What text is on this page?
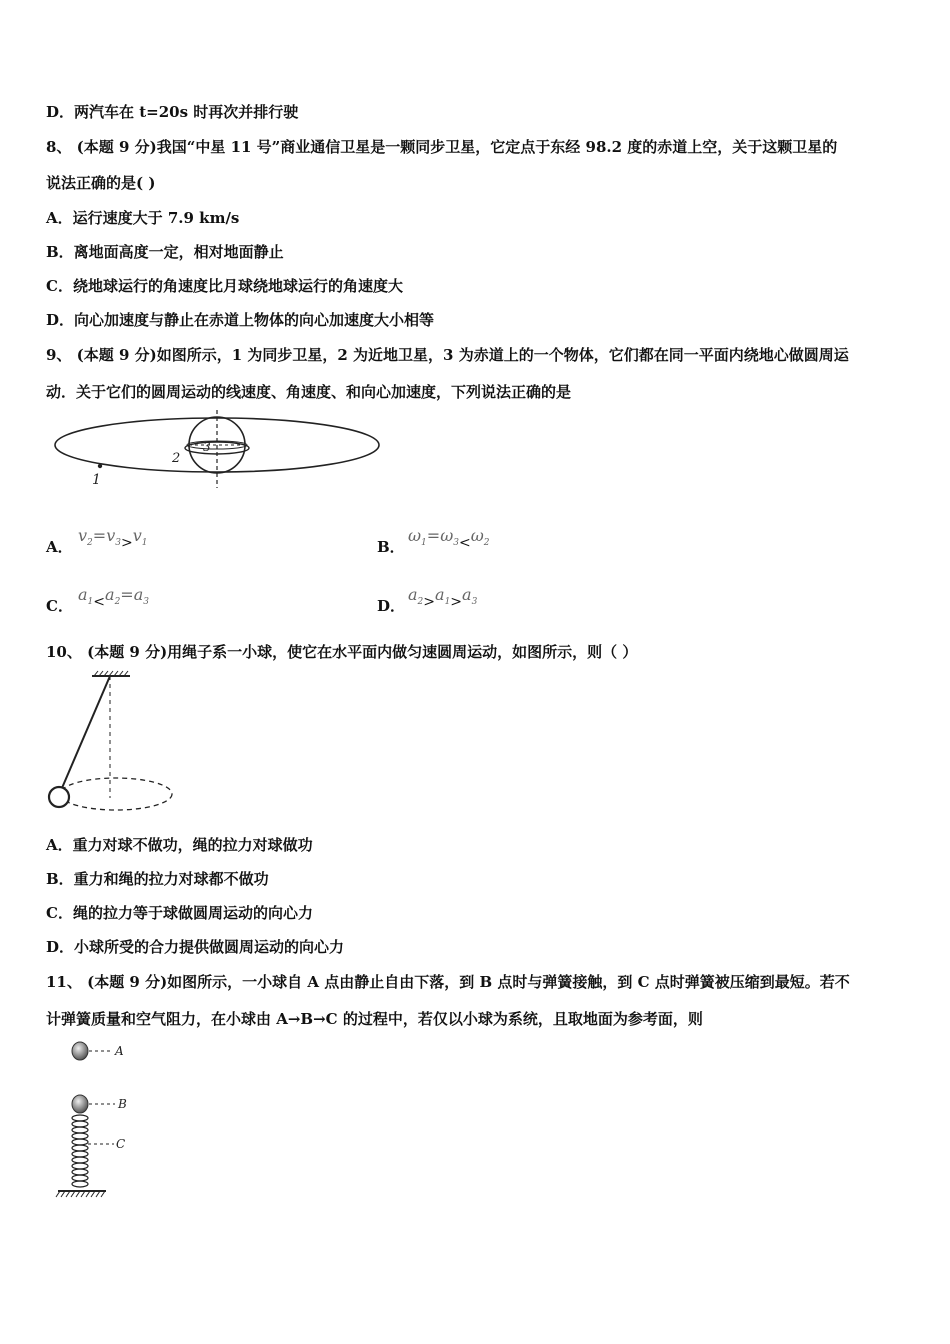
D．两汽车在 t=20s 时再次并排行驶
8、 (本题 9 分)我国“中星 11 号”商业通信卫星是一颗同步卫星，它定点于东经 98.2 度的赤道上空，关于这颗卫星的
说法正确的是( )
A．运行速度大于 7.9 km/s
B．离地面高度一定，相对地面静止
C．绕地球运行的角速度比月球绕地球运行的角速度大
D．向心加速度与静止在赤道上物体的向心加速度大小相等
9、 (本题 9 分)如图所示，1 为同步卫星，2 为近地卫星，3 为赤道上的一个物体，它们都在同一平面内绕地心做圆周运
动．关于它们的圆周运动的线速度、角速度、和向心加速度，下列说法正确的是
1
2
3
A．
$v_2=v_3>v_1$	B．
$\omega_1=\omega_3<\omega_2$
C．
$a_1<a_2=a_3$	D．
$a_2>a_1>a_3$
10、 (本题 9 分)用绳子系一小球，使它在水平面内做匀速圆周运动，如图所示，则（ ）
A．重力对球不做功，绳的拉力对球做功
B．重力和绳的拉力对球都不做功
C．绳的拉力等于球做圆周运动的向心力
D．小球所受的合力提供做圆周运动的向心力
11、 (本题 9 分)如图所示，一小球自 A 点由静止自由下落，到 B 点时与弹簧接触，到 C 点时弹簧被压缩到最短。若不
计弹簧质量和空气阻力，在小球由 A→B→C 的过程中，若仅以小球为系统，且取地面为参考面，则
A
B
C
